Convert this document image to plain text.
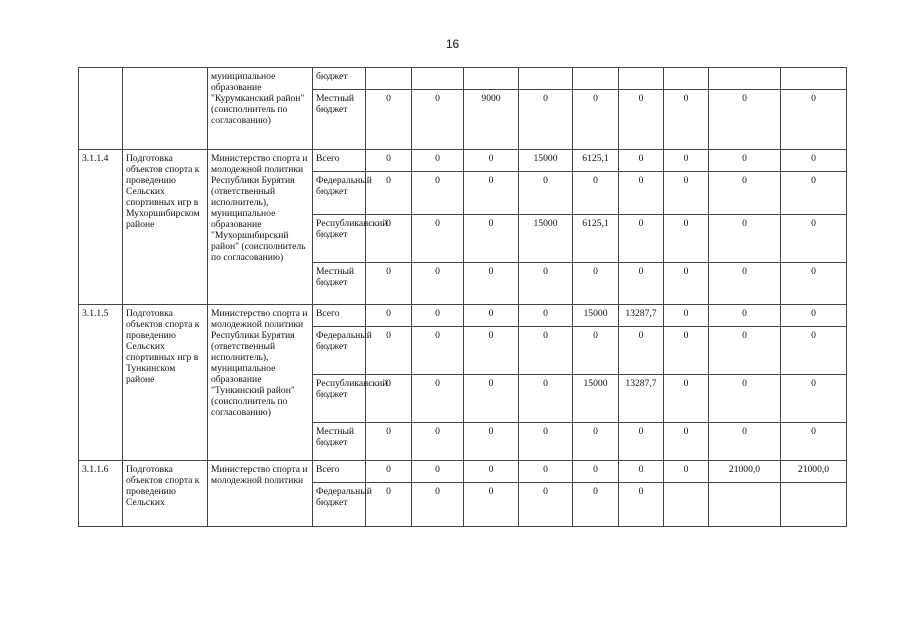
16
		муниципальное образование "Курумканский район" (соисполнитель по согласованию)	бюджет									
			Местный бюджет	0	0	9000	0	0	0	0	0	0
3.1.1.4	Подготовка объектов спорта к проведению Сельских спортивных игр в Мухоршибирском районе	Министерство спорта и молодежной политики Республики Бурятия (ответственный исполнитель), муниципальное образование "Мухоршибирский район" (соисполнитель по согласованию)	Всего	0	0	0	15000	6125,1	0	0	0	0
			Федеральный бюджет	0	0	0	0	0	0	0	0	0
			Республиканский бюджет	0	0	0	15000	6125,1	0	0	0	0
			Местный бюджет	0	0	0	0	0	0	0	0	0
3.1.1.5	Подготовка объектов спорта к проведению Сельских спортивных игр в Тункинском районе	Министерство спорта и молодежной политики Республики Бурятия (ответственный исполнитель), муниципальное образование "Тункинский район" (соисполнитель по согласованию)	Всего	0	0	0	0	15000	13287,7	0	0	0
			Федеральный бюджет	0	0	0	0	0	0	0	0	0
			Республиканский бюджет	0	0	0	0	15000	13287,7	0	0	0
			Местный бюджет	0	0	0	0	0	0	0	0	0
3.1.1.6	Подготовка объектов спорта к проведению Сельских	Министерство спорта и молодежной политики	Всего	0	0	0	0	0	0	0	21000,0	21000,0
			Федеральный бюджет	0	0	0	0	0	0			
